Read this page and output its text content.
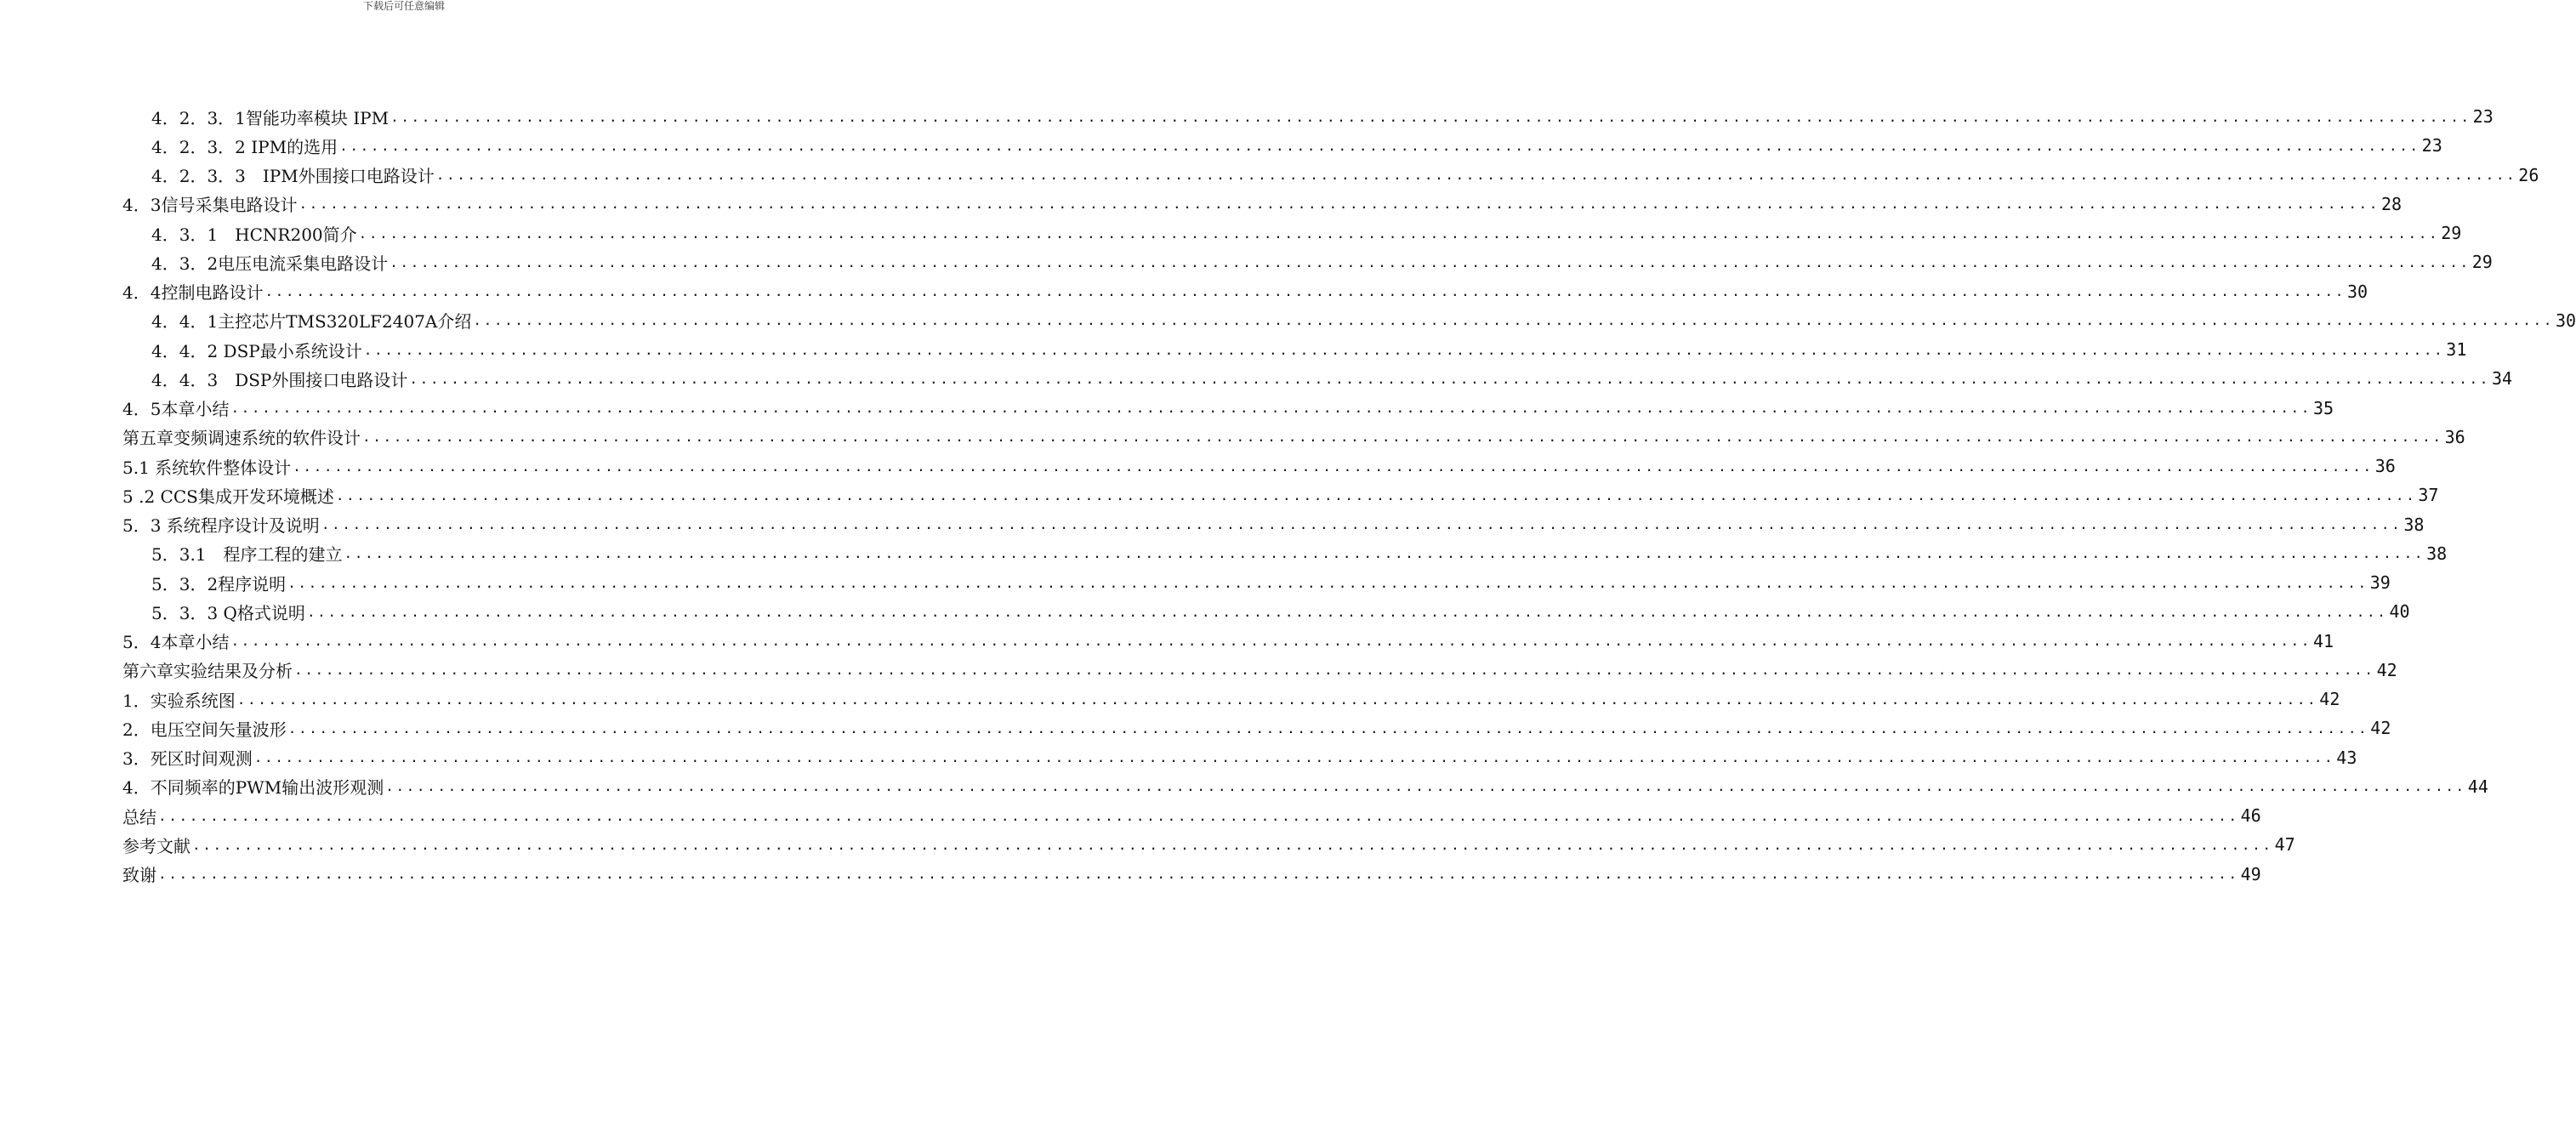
下载后可任意编辑
4．2．3．1智能功率模块 IPM ........................................................................................................................................................................................................ 23
4．2．3．2 IPM的选用 ........................................................................................................................................................................................................ 23
4．2．3．3　IPM外围接口电路设计 ........................................................................................................................................................................................................ 26
4．3信号采集电路设计 ........................................................................................................................................................................................................ 28
4．3．1　HCNR200简介 ........................................................................................................................................................................................................ 29
4．3．2电压电流采集电路设计 ........................................................................................................................................................................................................ 29
4．4控制电路设计 ........................................................................................................................................................................................................ 30
4．4．1主控芯片TMS320LF2407A介绍 ........................................................................................................................................................................................................ 30
4．4．2 DSP最小系统设计 ........................................................................................................................................................................................................ 31
4．4．3　DSP外围接口电路设计 ........................................................................................................................................................................................................ 34
4．5本章小结 ........................................................................................................................................................................................................ 35
第五章变频调速系统的软件设计 ........................................................................................................................................................................................................ 36
5.1 系统软件整体设计 ........................................................................................................................................................................................................ 36
5 .2 CCS集成开发环境概述 ........................................................................................................................................................................................................ 37
5．3 系统程序设计及说明 ........................................................................................................................................................................................................ 38
5．3.1　程序工程的建立 ........................................................................................................................................................................................................ 38
5．3．2程序说明 ........................................................................................................................................................................................................ 39
5．3．3 Q格式说明 ........................................................................................................................................................................................................ 40
5．4本章小结 ........................................................................................................................................................................................................ 41
第六章实验结果及分析 ........................................................................................................................................................................................................ 42
1．实验系统图 ........................................................................................................................................................................................................ 42
2．电压空间矢量波形 ........................................................................................................................................................................................................ 42
3．死区时间观测 ........................................................................................................................................................................................................ 43
4．不同频率的PWM输出波形观测 ........................................................................................................................................................................................................ 44
总结 ........................................................................................................................................................................................................ 46
参考文献 ........................................................................................................................................................................................................ 47
致谢 ........................................................................................................................................................................................................ 49
